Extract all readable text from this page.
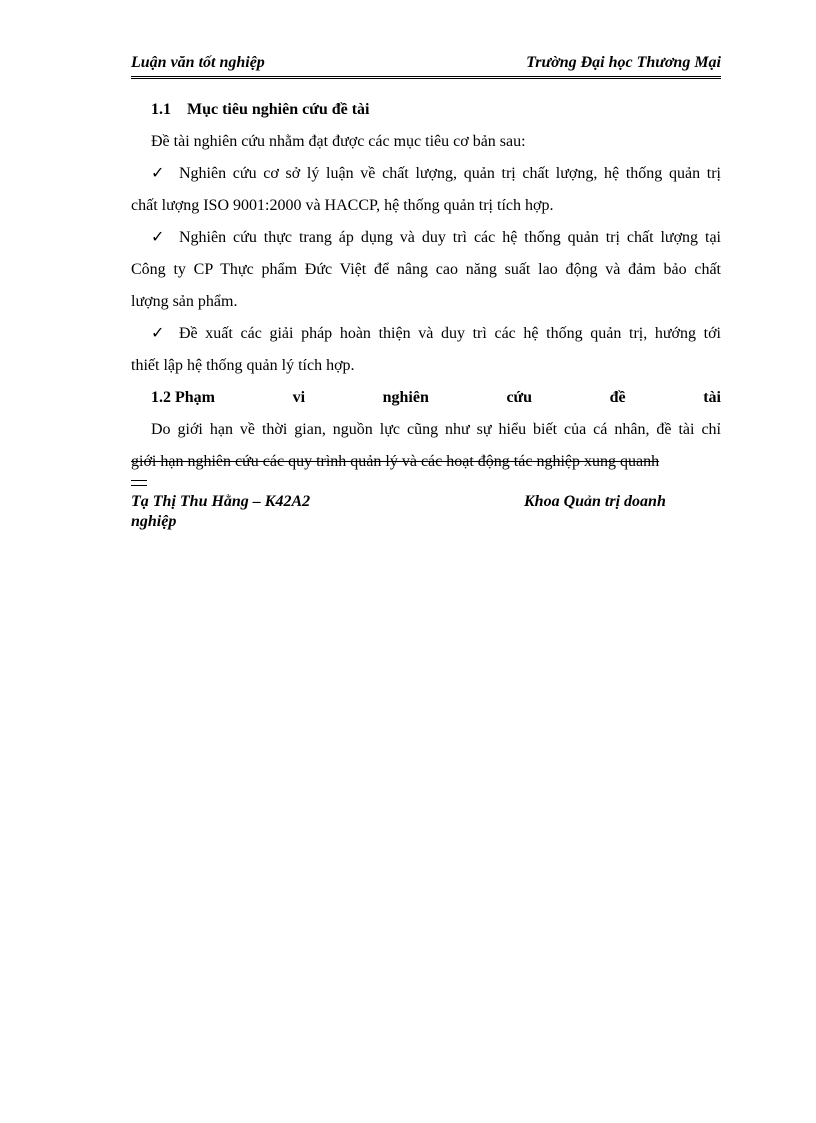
Luận văn tốt nghiệp	Trường Đại học Thương Mại
1.1 Mục tiêu nghiên cứu đề tài
Đề tài nghiên cứu nhằm đạt được các mục tiêu cơ bản sau:
✓ Nghiên cứu cơ sở lý luận về chất lượng, quản trị chất lượng, hệ thống quản trị
chất lượng ISO 9001:2000 và HACCP, hệ thống quản trị tích hợp.
✓ Nghiên cứu thực trang áp dụng và duy trì các hệ thống quản trị chất lượng tại
Công ty CP Thực phẩm Đức Việt để nâng cao năng suất lao động và đảm bảo chất
lượng sản phẩm.
✓ Đề xuất các giải pháp hoàn thiện và duy trì các hệ thống quản trị, hướng tới
thiết lập hệ thống quản lý tích hợp.
1.2 Phạm	vi	nghiên	cứu	đề	tài
Do giới hạn về thời gian, nguồn lực cũng như sự hiểu biết của cá nhân, đề tài chỉ
giới hạn nghiên cứu các quy trình quản lý và các hoạt động tác nghiệp xung quanh
Tạ Thị Thu Hằng – K42A2	Khoa Quản trị doanh
nghiệp
